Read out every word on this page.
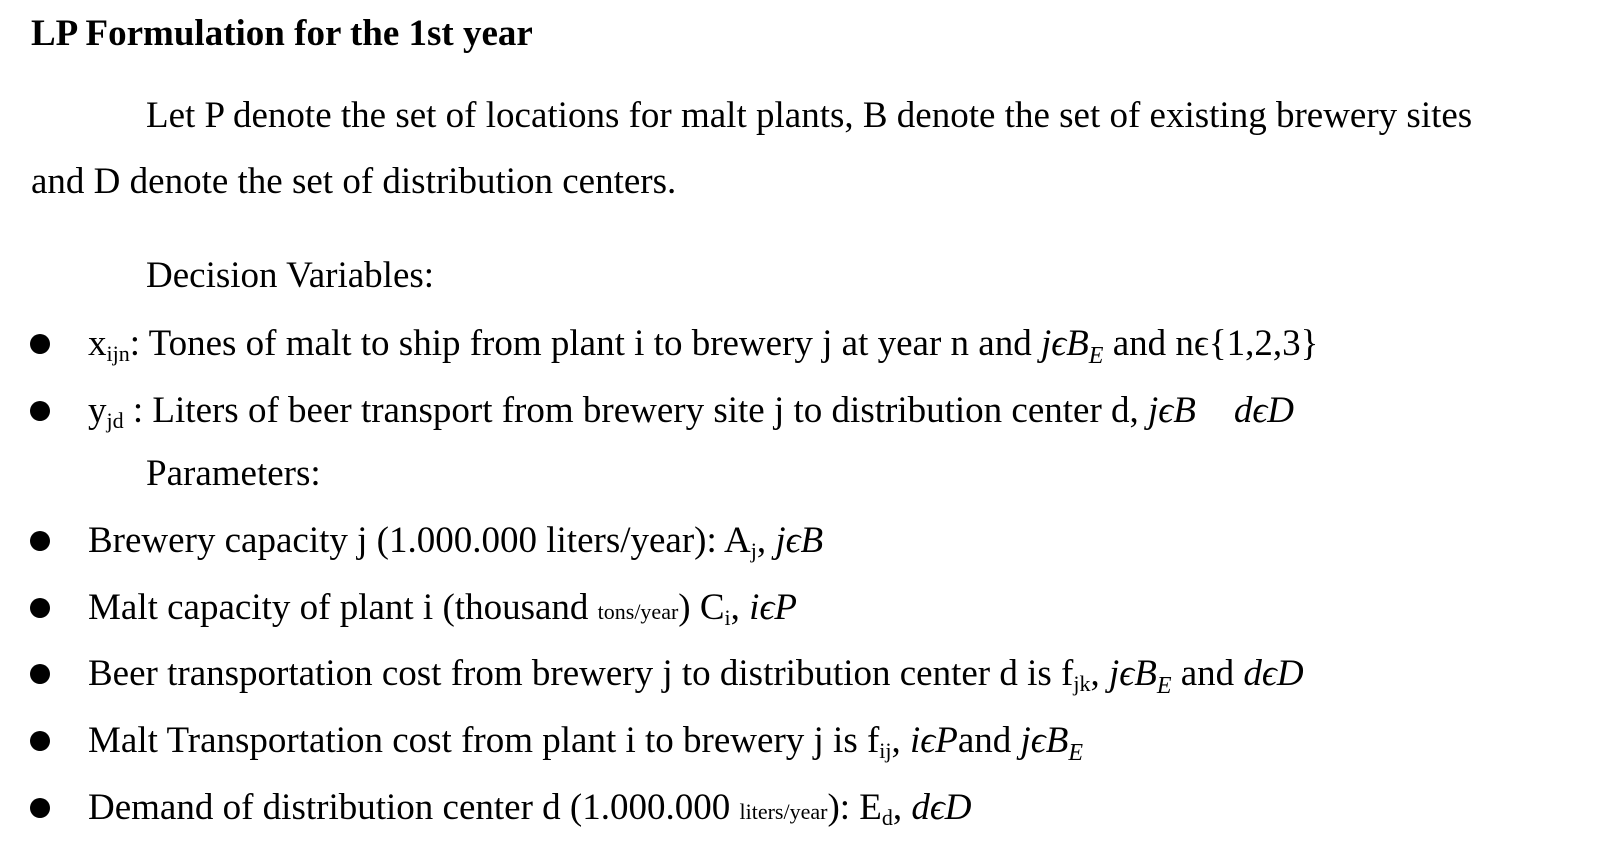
LP Formulation for the 1st year
Let P denote the set of locations for malt plants, B denote the set of existing brewery sites
and D denote the set of distribution centers.
Decision Variables:
$x_{ijn}$: Tones of malt to ship from plant i to brewery j at year n and jϵB$_E$ and nϵ{1,2,3}
$y_{jd}$ : Liters of beer transport from brewery site j to distribution center d, jϵB dϵD
Parameters:
Brewery capacity j (1.000.000 liters/year): $A_j$, jϵB
Malt capacity of plant i (thousand tons/year) $C_i$, iϵP
Beer transportation cost from brewery j to distribution center d is $f_{jk}$, jϵB$_E$ and dϵD
Malt Transportation cost from plant i to brewery j is $f_{ij}$, iϵPand jϵB$_E$
Demand of distribution center d (1.000.000 liters/year): $E_d$, dϵD
